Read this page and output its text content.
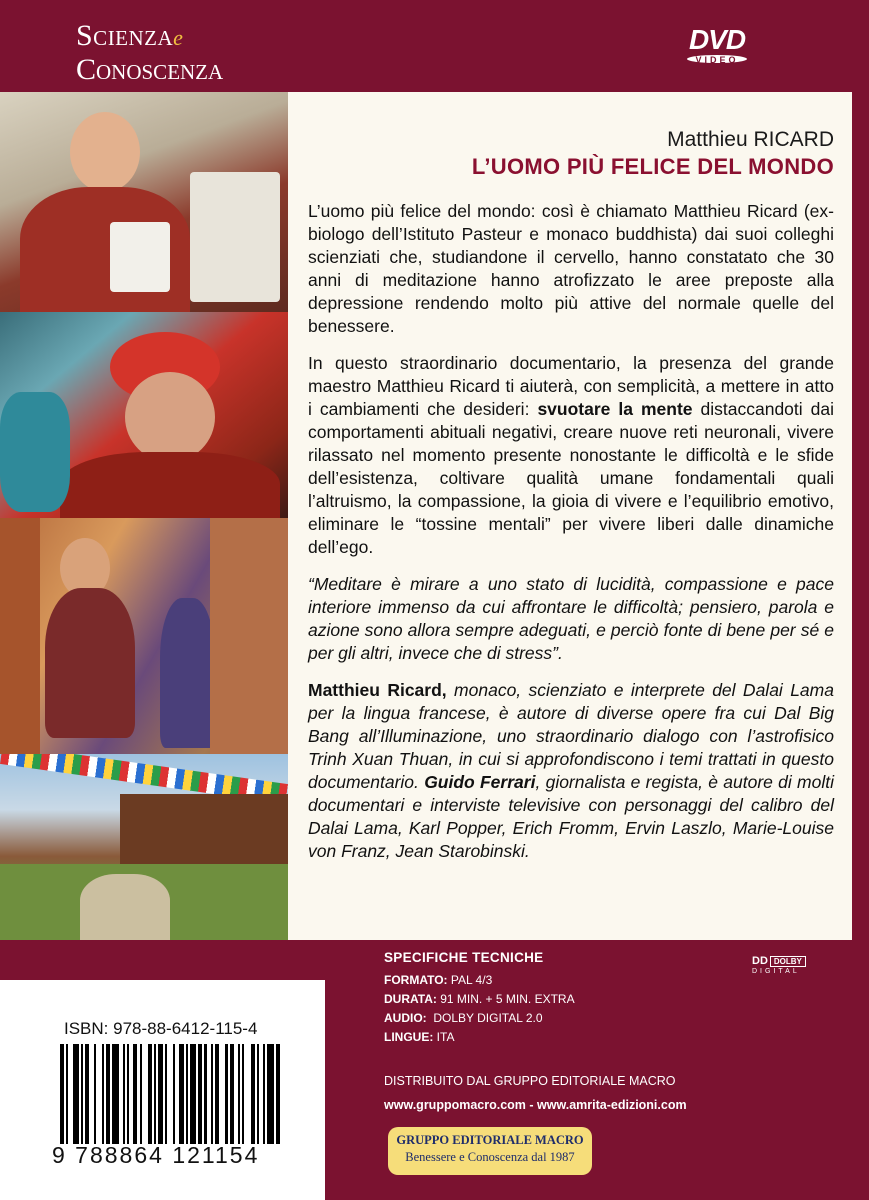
Scienzae
Conoscenza
DVD
VIDEO
Matthieu RICARD
L’UOMO PIÙ FELICE DEL MONDO

L’uomo più felice del mondo: così è chiamato Matthieu Ricard (ex-biologo dell’Istituto Pasteur e monaco buddhista) dai suoi colleghi scienziati che, studiandone il cervello, hanno constatato che 30 anni di meditazione hanno atrofizzato le aree preposte alla depressione rendendo molto più attive del normale quelle del benessere.

In questo straordinario documentario, la presenza del grande maestro Matthieu Ricard ti aiuterà, con semplicità, a mettere in atto i cambiamenti che desideri: svuotare la mente distaccandoti dai comportamenti abituali negativi, creare nuove reti neuronali, vivere rilassato nel momento presente nonostante le difficoltà e le sfide dell’esistenza, coltivare qualità umane fondamentali quali l’altruismo, la compassione, la gioia di vivere e l’equilibrio emotivo, eliminare le “tossine mentali” per vivere liberi dalle dinamiche dell’ego.

“Meditare è mirare a uno stato di lucidità, compassione e pace interiore immenso da cui affrontare le difficoltà; pensiero, parola e azione sono allora sempre adeguati, e perciò fonte di bene per sé e per gli altri, invece che di stress”.

Matthieu Ricard, monaco, scienziato e interprete del Dalai Lama per la lingua francese, è autore di diverse opere fra cui Dal Big Bang all’Illuminazione, uno straordinario dialogo con l’astrofisico Trinh Xuan Thuan, in cui si approfondiscono i temi trattati in questo documentario. Guido Ferrari, giornalista e regista, è autore di molti documentari e interviste televisive con personaggi del calibro del Dalai Lama, Karl Popper, Erich Fromm, Ervin Laszlo, Marie-Louise von Franz, Jean Starobinski.

SPECIFICHE TECNICHE
FORMATO: PAL 4/3
DURATA: 91 MIN. + 5 MIN. EXTRA
AUDIO:  DOLBY DIGITAL 2.0
LINGUE: ITA
DD DOLBY
DIGITAL
DISTRIBUITO DAL GRUPPO EDITORIALE MACRO
www.gruppomacro.com - www.amrita-edizioni.com
GRUPPO EDITORIALE MACRO
Benessere e Conoscenza dal 1987
ISBN: 978-88-6412-115-4
9 788864 121154
